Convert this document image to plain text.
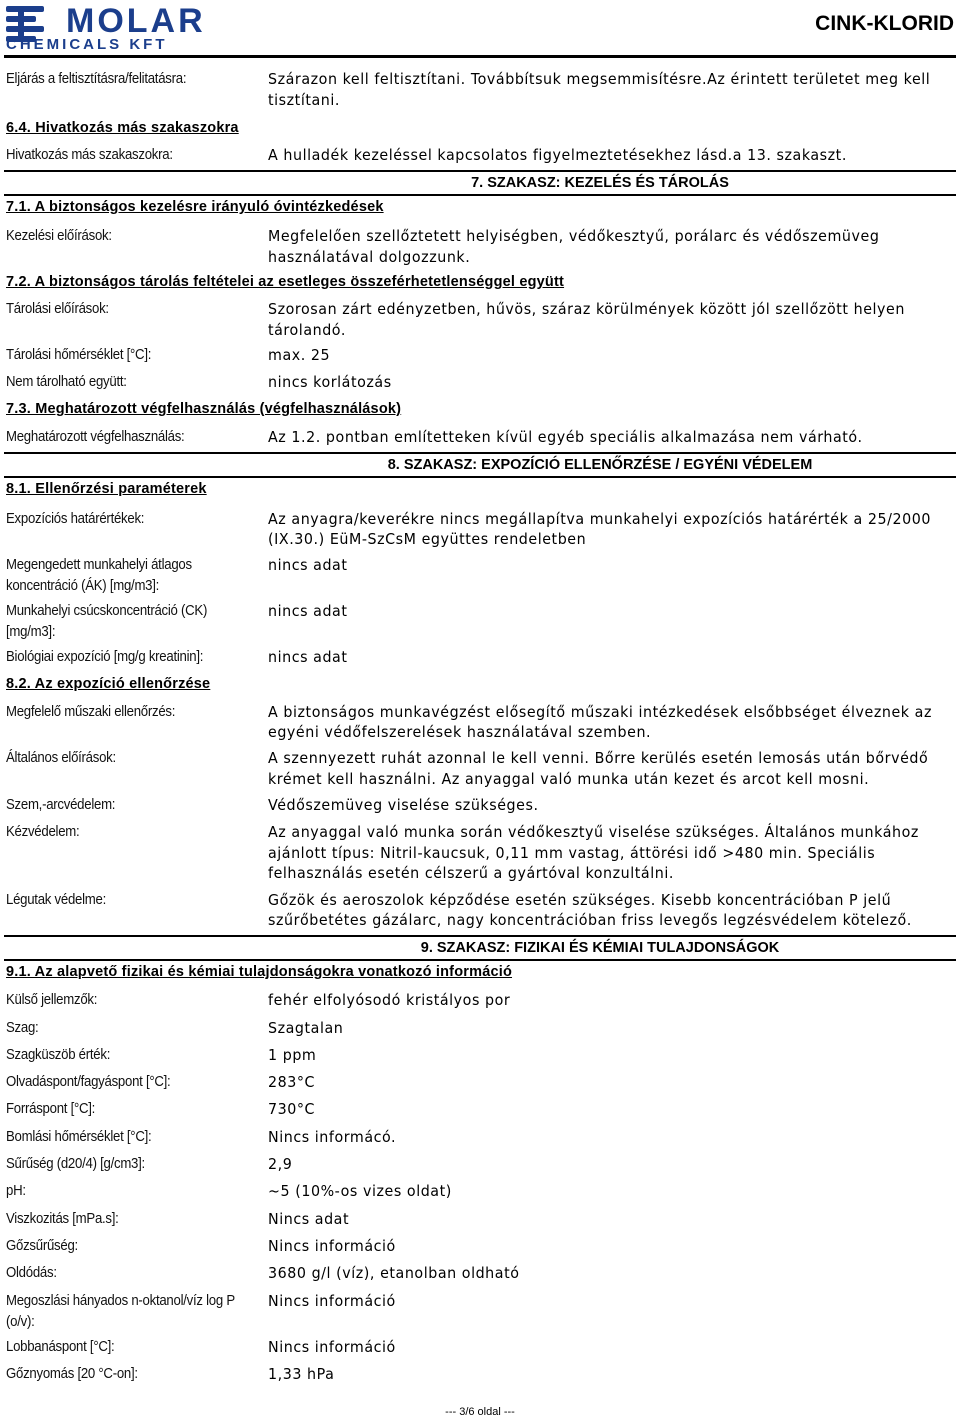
MOLAR
CHEMICALS KFT
CINK-KLORID
Eljárás a feltisztításra/felitatásra:	Szárazon kell feltisztítani. Továbbítsuk megsemmisítésre.Az érintett területet meg kell
tisztítani.
6.4. Hivatkozás más szakaszokra
Hivatkozás más szakaszokra:	A hulladék kezeléssel kapcsolatos figyelmeztetésekhez lásd.a 13. szakaszt.
7. SZAKASZ: KEZELÉS ÉS TÁROLÁS
7.1. A biztonságos kezelésre irányuló óvintézkedések
Kezelési előírások:	Megfelelően szellőztetett helyiségben, védőkesztyű, porálarc és védőszemüveg
használatával dolgozzunk.
7.2. A biztonságos tárolás feltételei az esetleges összeférhetetlenséggel együtt
Tárolási előírások:	Szorosan zárt edényzetben, hűvös, száraz körülmények között jól szellőzött helyen
tárolandó.
Tárolási hőmérséklet [°C]:	max. 25
Nem tárolható együtt:	nincs korlátozás
7.3. Meghatározott végfelhasználás (végfelhasználások)
Meghatározott végfelhasználás:	Az 1.2. pontban említetteken kívül egyéb speciális alkalmazása nem várható.
8. SZAKASZ: EXPOZÍCIÓ ELLENŐRZÉSE / EGYÉNI VÉDELEM
8.1. Ellenőrzési paraméterek
Expozíciós határértékek:	Az anyagra/keverékre nincs megállapítva munkahelyi expozíciós határérték a 25/2000
(IX.30.) EüM-SzCsM együttes rendeletben
Megengedett munkahelyi átlagos
koncentráció (ÁK) [mg/m3]:
nincs adat
Munkahelyi csúcskoncentráció (CK)
[mg/m3]:
nincs adat
Biológiai expozíció [mg/g kreatinin]:	nincs adat
8.2. Az expozíció ellenőrzése
Megfelelő műszaki ellenőrzés:	A biztonságos munkavégzést elősegítő műszaki intézkedések elsőbbséget élveznek az
egyéni védőfelszerelések használatával szemben.
Általános előírások:	A szennyezett ruhát azonnal le kell venni. Bőrre kerülés esetén lemosás után bőrvédő
krémet kell használni. Az anyaggal való munka után kezet és arcot kell mosni.
Szem,-arcvédelem:	Védőszemüveg viselése szükséges.
Kézvédelem:	Az anyaggal való munka során védőkesztyű viselése szükséges. Általános munkához
ajánlott típus: Nitril-kaucsuk, 0,11 mm vastag, áttörési idő >480 min. Speciális
felhasználás esetén célszerű a gyártóval konzultálni.
Légutak védelme:	Gőzök és aeroszolok képződése esetén szükséges. Kisebb koncentrációban P jelű
szűrőbetétes gázálarc, nagy koncentrációban friss levegős legzésvédelem kötelező.
9. SZAKASZ: FIZIKAI ÉS KÉMIAI TULAJDONSÁGOK
9.1. Az alapvető fizikai és kémiai tulajdonságokra vonatkozó információ
Külső jellemzők:	fehér elfolyósodó kristályos por
Szag:	Szagtalan
Szagküszöb érték:	1 ppm
Olvadáspont/fagyáspont [°C]:	283°C
Forráspont [°C]:	730°C
Bomlási hőmérséklet [°C]:	Nincs informácó.
Sűrűség (d20/4) [g/cm3]:	2,9
pH:	~5 (10%-os vizes oldat)
Viszkozitás [mPa.s]:	Nincs adat
Gőzsűrűség:	Nincs információ
Oldódás:	3680 g/l (víz), etanolban oldható
Megoszlási hányados n-oktanol/víz log P
(o/v):
Nincs információ
Lobbanáspont [°C]:	Nincs információ
Gőznyomás [20 °C-on]:	1,33 hPa
--- 3/6 oldal ---
